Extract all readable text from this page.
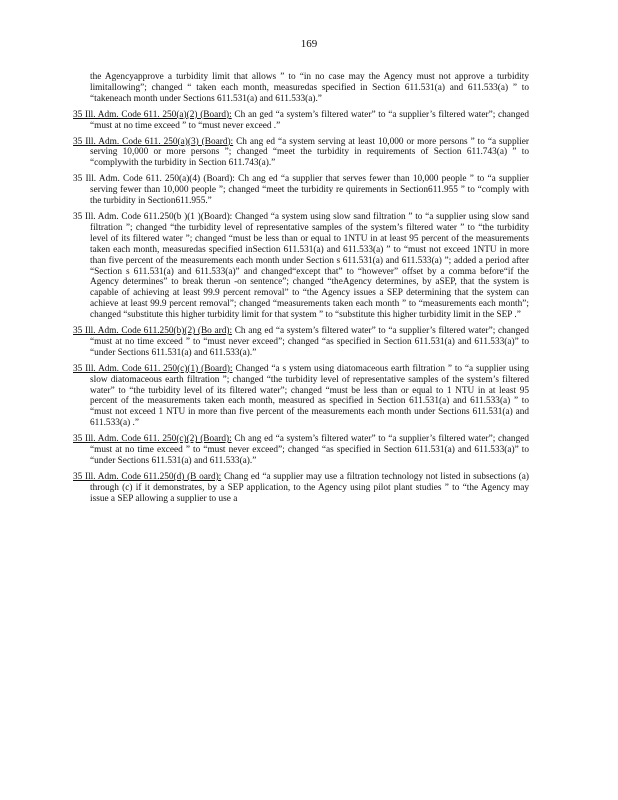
169

the Agencyapprove a turbidity limit that allows ” to “in no case may the Agency must not approve a turbidity limitallowing”; changed “ taken each month, measuredas specified in Section 611.531(a) and 611.533(a) ” to “takeneach month under Sections 611.531(a) and 611.533(a).”

35 Ill. Adm. Code 611. 250(a)(2) (Board): Ch an ged “a system’s filtered water” to “a supplier’s filtered water”; changed “must at no time exceed ” to “must never exceed .”

35 Ill. Adm. Code 611. 250(a)(3) (Board): Ch ang ed “a system serving at least 10,000 or more persons ” to “a supplier serving 10,000 or more persons ”; changed “meet the turbidity in requirements of Section 611.743(a) ” to “complywith the turbidity in Section 611.743(a).”

35 Ill. Adm. Code 611. 250(a)(4) (Board): Ch ang ed “a supplier that serves fewer than 10,000 people ” to “a supplier serving fewer than 10,000 people ”; changed “meet the turbidity re quirements in Section611.955 ” to “comply with the turbidity in Section611.955.”

35 Ill. Adm. Code 611.250(b )(1 )(Board): Changed “a system using slow sand filtration ” to “a supplier using slow sand filtration ”; changed “the turbidity level of representative samples of the system’s filtered water ” to “the turbidity level of its filtered water ”; changed “must be less than or equal to 1NTU in at least 95 percent of the measurements taken each month, measuredas specified inSection 611.531(a) and 611.533(a) ” to “must not exceed 1NTU in more than five percent of the measurements each month under Section s 611.531(a) and 611.533(a) ”; added a period after “Section s 611.531(a) and 611.533(a)” and changed“except that” to “however” offset by a comma before“if the Agency determines” to break therun -on sentence”; changed “theAgency determines, by aSEP, that the system is capable of achieving at least 99.9 percent removal” to “the Agency issues a SEP determining that the system can achieve at least 99.9 percent removal”; changed “measurements taken each month ” to “measurements each month”; changed “substitute this higher turbidity limit for that system ” to “substitute this higher turbidity limit in the SEP .”

35 Ill. Adm. Code 611.250(b)(2) (Bo ard): Ch ang ed “a system’s filtered water” to “a supplier’s filtered water”; changed “must at no time exceed ” to “must never exceed”; changed “as specified in Section 611.531(a) and 611.533(a)” to “under Sections 611.531(a) and 611.533(a).”

35 Ill. Adm. Code 611. 250(c)(1) (Board): Changed “a s ystem using diatomaceous earth filtration ” to “a supplier using slow diatomaceous earth filtration ”; changed “the turbidity level of representative samples of the system’s filtered water” to “the turbidity level of its filtered water”; changed “must be less than or equal to 1 NTU in at least 95 percent of the measurements taken each month, measured as specified in Section 611.531(a) and 611.533(a) ” to “must not exceed 1 NTU in more than five percent of the measurements each month under Sections 611.531(a) and 611.533(a) .”

35 Ill. Adm. Code 611. 250(c)(2) (Board): Ch ang ed “a system’s filtered water” to “a supplier’s filtered water”; changed “must at no time exceed ” to “must never exceed”; changed “as specified in Section 611.531(a) and 611.533(a)” to “under Sections 611.531(a) and 611.533(a).”

35 Ill. Adm. Code 611.250(d) (B oard): Chang ed “a supplier may use a filtration technology not listed in subsections (a) through (c) if it demonstrates, by a SEP application, to the Agency using pilot plant studies ” to “the Agency may issue a SEP allowing a supplier to use a
